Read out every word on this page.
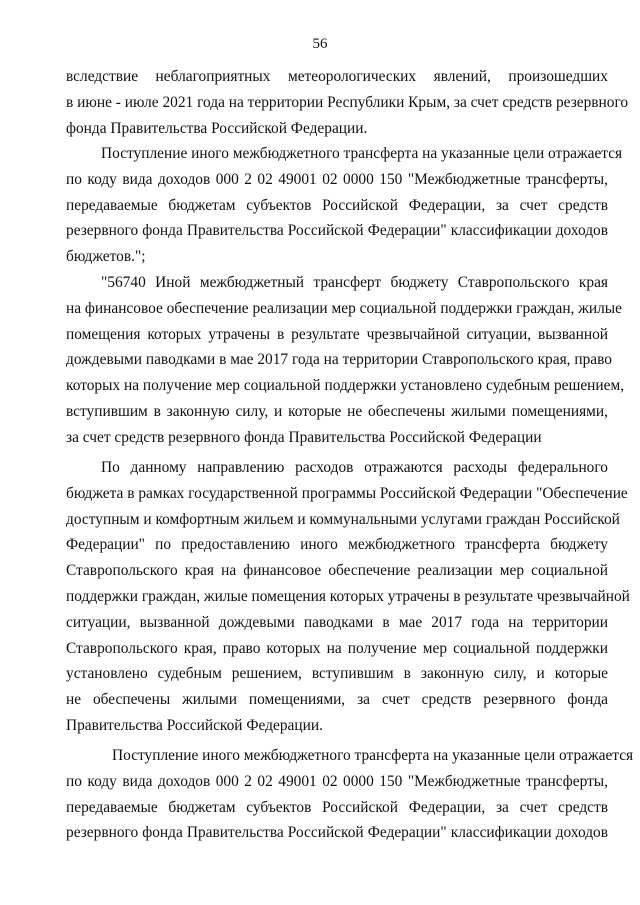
56
вследствие неблагоприятных метеорологических явлений, произошедших
в июне - июле 2021 года на территории Республики Крым, за счет средств резервного
фонда Правительства Российской Федерации.
Поступление иного межбюджетного трансферта на указанные цели отражается
по коду вида доходов 000 2 02 49001 02 0000 150 "Межбюджетные трансферты,
передаваемые бюджетам субъектов Российской Федерации, за счет средств
резервного фонда Правительства Российской Федерации" классификации доходов
бюджетов.";
"56740 Иной межбюджетный трансферт бюджету Ставропольского края
на финансовое обеспечение реализации мер социальной поддержки граждан, жилые
помещения которых утрачены в результате чрезвычайной ситуации, вызванной
дождевыми паводками в мае 2017 года на территории Ставропольского края, право
которых на получение мер социальной поддержки установлено судебным решением,
вступившим в законную силу, и которые не обеспечены жилыми помещениями,
за счет средств резервного фонда Правительства Российской Федерации
По данному направлению расходов отражаются расходы федерального
бюджета в рамках государственной программы Российской Федерации "Обеспечение
доступным и комфортным жильем и коммунальными услугами граждан Российской
Федерации" по предоставлению иного межбюджетного трансферта бюджету
Ставропольского края на финансовое обеспечение реализации мер социальной
поддержки граждан, жилые помещения которых утрачены в результате чрезвычайной
ситуации, вызванной дождевыми паводками в мае 2017 года на территории
Ставропольского края, право которых на получение мер социальной поддержки
установлено судебным решением, вступившим в законную силу, и которые
не обеспечены жилыми помещениями, за счет средств резервного фонда
Правительства Российской Федерации.
Поступление иного межбюджетного трансферта на указанные цели отражается
по коду вида доходов 000 2 02 49001 02 0000 150 "Межбюджетные трансферты,
передаваемые бюджетам субъектов Российской Федерации, за счет средств
резервного фонда Правительства Российской Федерации" классификации доходов
